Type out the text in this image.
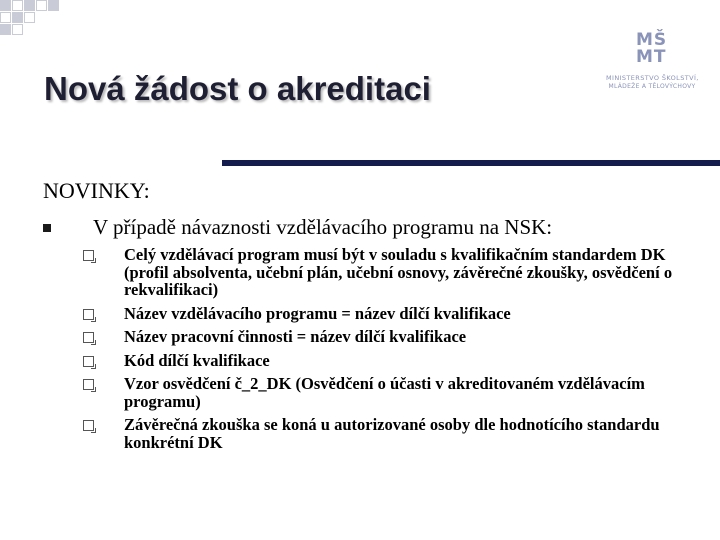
MŠ
MT
MINISTERSTVO ŠKOLSTVÍ,
MLÁDEŽE A TĚLOVÝCHOVY
Nová žádost o akreditaci
NOVINKY:
V případě návaznosti vzdělávacího programu na NSK:
Celý vzdělávací program musí být v souladu s kvalifikačním standardem DK (profil absolventa, učební plán, učební osnovy, závěrečné zkoušky, osvědčení o rekvalifikaci)
Název vzdělávacího programu = název dílčí kvalifikace
Název pracovní činnosti = název dílčí kvalifikace
Kód dílčí kvalifikace
Vzor osvědčení č_2_DK (Osvědčení o účasti v akreditovaném vzdělávacím programu)
Závěrečná zkouška se koná u autorizované osoby dle hodnotícího standardu konkrétní DK
